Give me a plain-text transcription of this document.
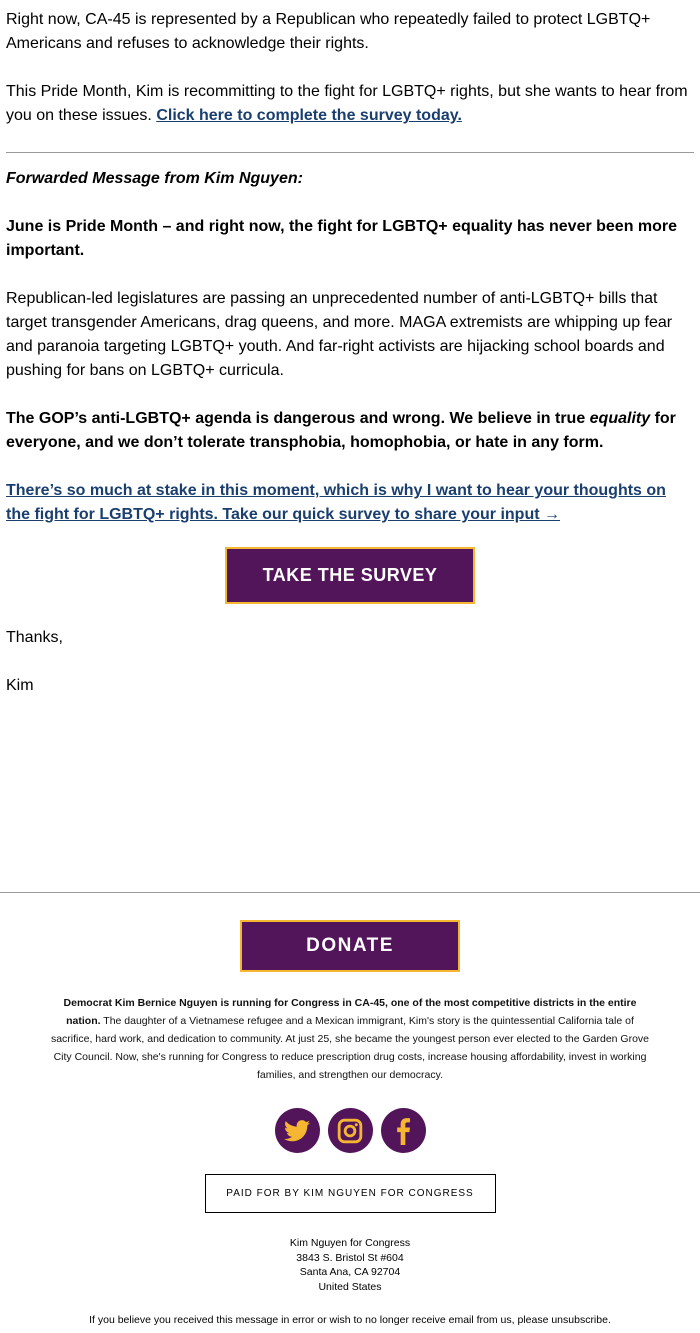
Right now, CA-45 is represented by a Republican who repeatedly failed to protect LGBTQ+ Americans and refuses to acknowledge their rights.

This Pride Month, Kim is recommitting to the fight for LGBTQ+ rights, but she wants to hear from you on these issues. Click here to complete the survey today.

Forwarded Message from Kim Nguyen:

June is Pride Month – and right now, the fight for LGBTQ+ equality has never been more important.

Republican-led legislatures are passing an unprecedented number of anti-LGBTQ+ bills that target transgender Americans, drag queens, and more. MAGA extremists are whipping up fear and paranoia targeting LGBTQ+ youth. And far-right activists are hijacking school boards and pushing for bans on LGBTQ+ curricula.

The GOP’s anti-LGBTQ+ agenda is dangerous and wrong. We believe in true equality for everyone, and we don’t tolerate transphobia, homophobia, or hate in any form.

There’s so much at stake in this moment, which is why I want to hear your thoughts on the fight for LGBTQ+ rights. Take our quick survey to share your input →

TAKE THE SURVEY

Thanks,

Kim

DONATE
Democrat Kim Bernice Nguyen is running for Congress in CA-45, one of the most competitive districts in the entire nation. The daughter of a Vietnamese refugee and a Mexican immigrant, Kim's story is the quintessential California tale of sacrifice, hard work, and dedication to community. At just 25, she became the youngest person ever elected to the Garden Grove City Council. Now, she's running for Congress to reduce prescription drug costs, increase housing affordability, invest in working families, and strengthen our democracy.
PAID FOR BY KIM NGUYEN FOR CONGRESS
Kim Nguyen for Congress
3843 S. Bristol St #604
Santa Ana, CA 92704
United States
If you believe you received this message in error or wish to no longer receive email from us, please unsubscribe.
